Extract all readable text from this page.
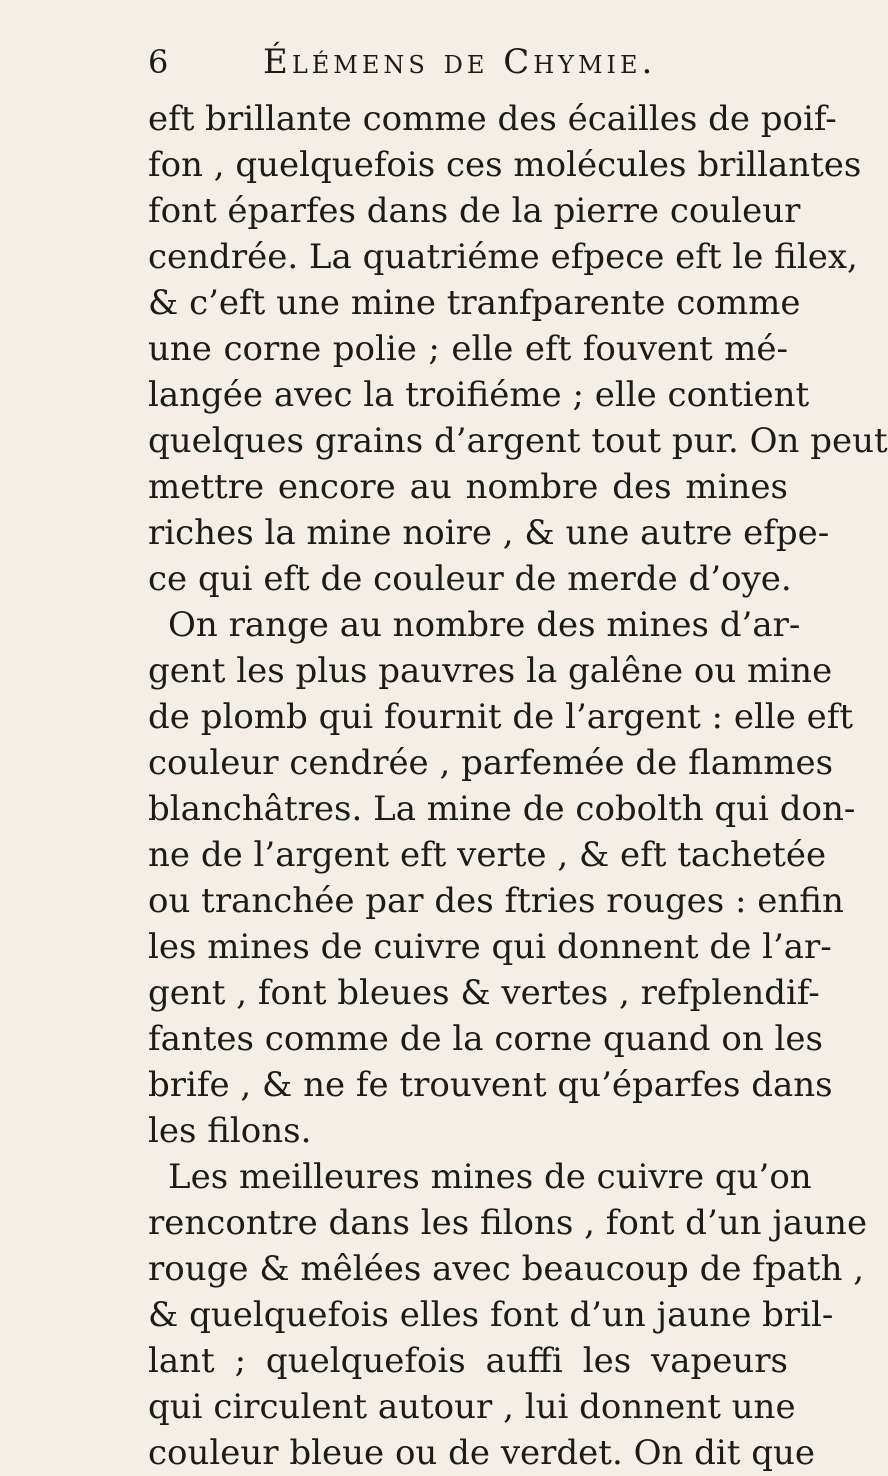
6	Élémens de Chymie.
eft brillante comme des écailles de poif-
fon , quelquefois ces molécules brillantes
font éparfes dans de la pierre couleur
cendrée. La quatriéme efpece eft le filex,
& c’eft une mine tranfparente comme
une corne polie ; elle eft fouvent mé-
langée avec la troifiéme ; elle contient
quelques grains d’argent tout pur. On peut
mettre encore au nombre des mines
riches la mine noire , & une autre efpe-
ce qui eft de couleur de merde d’oye.
On range au nombre des mines d’ar-
gent les plus pauvres la galêne ou mine
de plomb qui fournit de l’argent : elle eft
couleur cendrée , parfemée de flammes
blanchâtres. La mine de cobolth qui don-
ne de l’argent eft verte , & eft tachetée
ou tranchée par des ftries rouges : enfin
les mines de cuivre qui donnent de l’ar-
gent , font bleues & vertes , refplendif-
fantes comme de la corne quand on les
brife , & ne fe trouvent qu’éparfes dans
les filons.
Les meilleures mines de cuivre qu’on
rencontre dans les filons , font d’un jaune
rouge & mêlées avec beaucoup de fpath ,
& quelquefois elles font d’un jaune bril-
lant ; quelquefois auffi les vapeurs
qui circulent autour , lui donnent une
couleur bleue ou de verdet. On dit que
